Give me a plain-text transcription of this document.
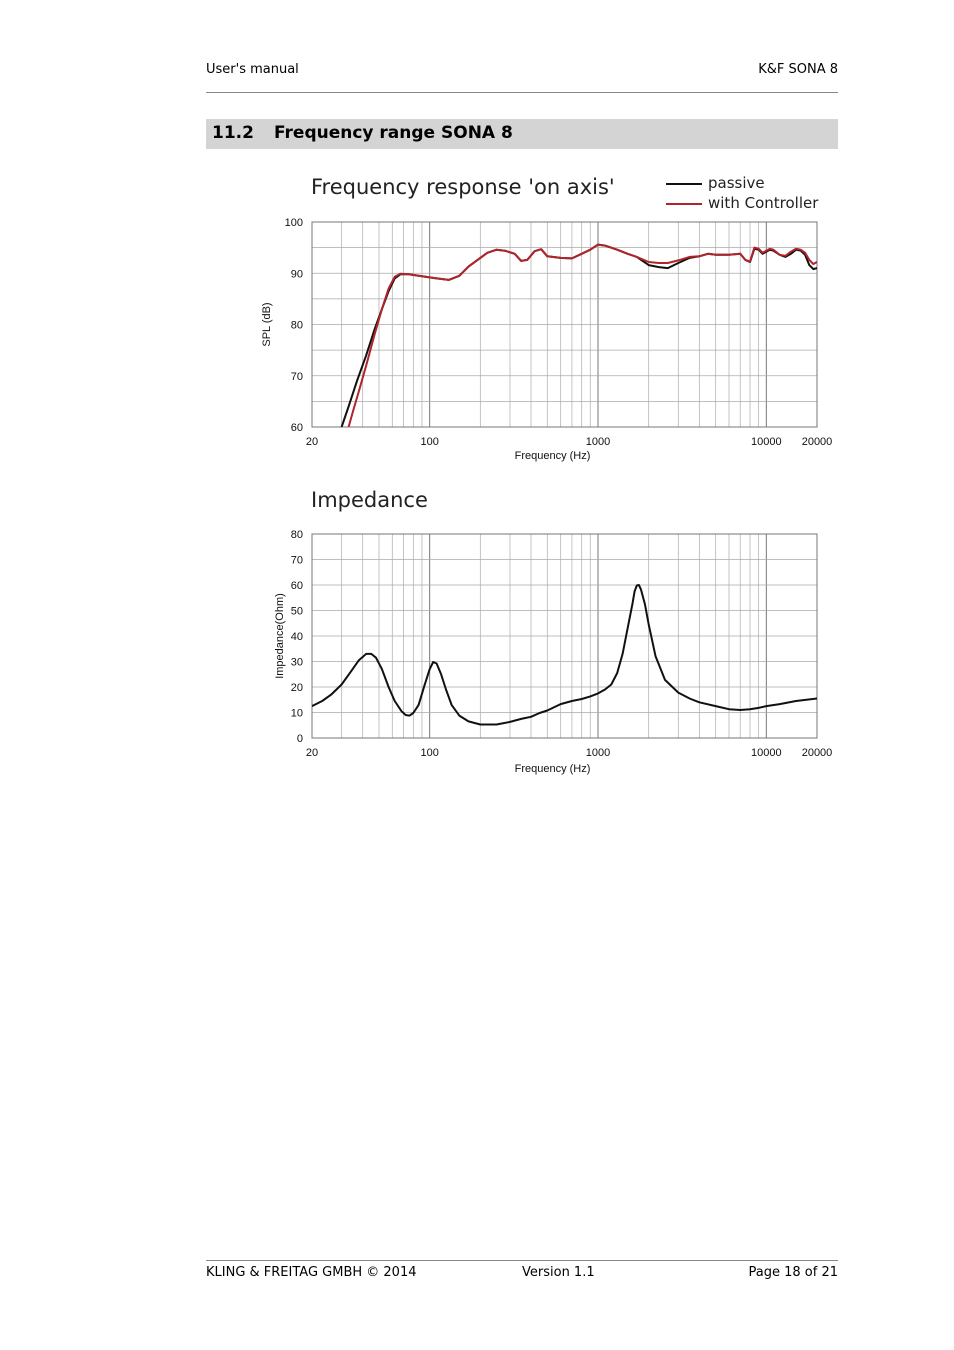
User's manual	K&F SONA 8
11.2 Frequency range SONA 8
Frequency response 'on axis'	passive
with Controller
Impedance
60
70
80
90
100
20	100	1000	10000 20000
Frequency (Hz)
SPL (dB)
0
10
20
30
40
50
60
70
80
20	100	1000	10000 20000
Frequency (Hz)
Impedance(Ohm)
KLING & FREITAG GMBH © 2014	Version 1.1	Page 18 of 21
